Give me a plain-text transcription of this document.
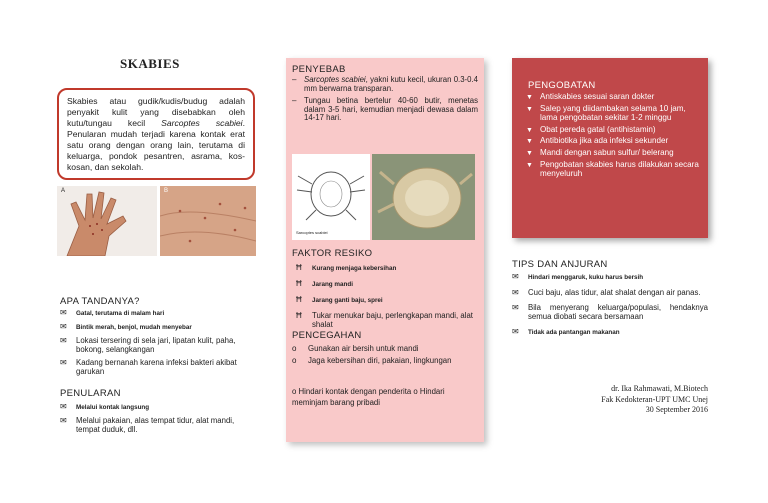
SKABIES
Skabies atau gudik/kudis/budug adalah penyakit kulit yang disebabkan oleh kutu/tungau kecil Sarcoptes scabiei. Penularan mudah terjadi karena kontak erat satu orang dengan orang lain, terutama di keluarga, pondok pesantren, asrama, kos-kosan, dan sekolah.
A	B
APA TANDANYA?
✉ Gatal, terutama di malam hari
✉ Bintik merah, benjol, mudah menyebar
✉ Lokasi tersering di sela jari, lipatan kulit, paha, bokong, selangkangan
✉ Kadang bernanah karena infeksi bakteri akibat garukan
PENULARAN
✉ Melalui kontak langsung
✉ Melalui pakaian, alas tempat tidur, alat mandi, tempat duduk, dll.
PENYEBAB
– Sarcoptes scabiei, yakni kutu kecil, ukuran 0.3-0.4 mm berwarna transparan.
– Tungau betina bertelur 40-60 butir, menetas dalam 3-5 hari, kemudian menjadi dewasa dalam 14-17 hari.
Sarcoptes scabiei
FAKTOR RESIKO
Ħ Kurang menjaga kebersihan
Ħ Jarang mandi
Ħ Jarang ganti baju, sprei
Ħ Tukar menukar baju, perlengkapan mandi, alat shalat
PENCEGAHAN
o Gunakan air bersih untuk mandi
o Jaga kebersihan diri, pakaian, lingkungan
o Hindari kontak dengan penderita o Hindari meminjam barang pribadi
PENGOBATAN
▼ Antiskabies sesuai saran dokter
▼ Salep yang diidambakan selama 10 jam, lama pengobatan sekitar 1-2 minggu
▼ Obat pereda gatal (antihistamin)
▼ Antibiotika jika ada infeksi sekunder
▼ Mandi dengan sabun sulfur/ belerang
▼ Pengobatan skabies harus dilakukan secara menyeluruh
TIPS DAN ANJURAN
✉ Hindari menggaruk, kuku harus bersih
✉ Cuci baju, alas tidur, alat shalat dengan air panas.
✉ Bila menyerang keluarga/populasi, hendaknya semua diobati secara bersamaan
✉ Tidak ada pantangan makanan
dr. Ika Rahmawati, M.Biotech
Fak Kedokteran-UPT UMC Unej
30 September 2016
